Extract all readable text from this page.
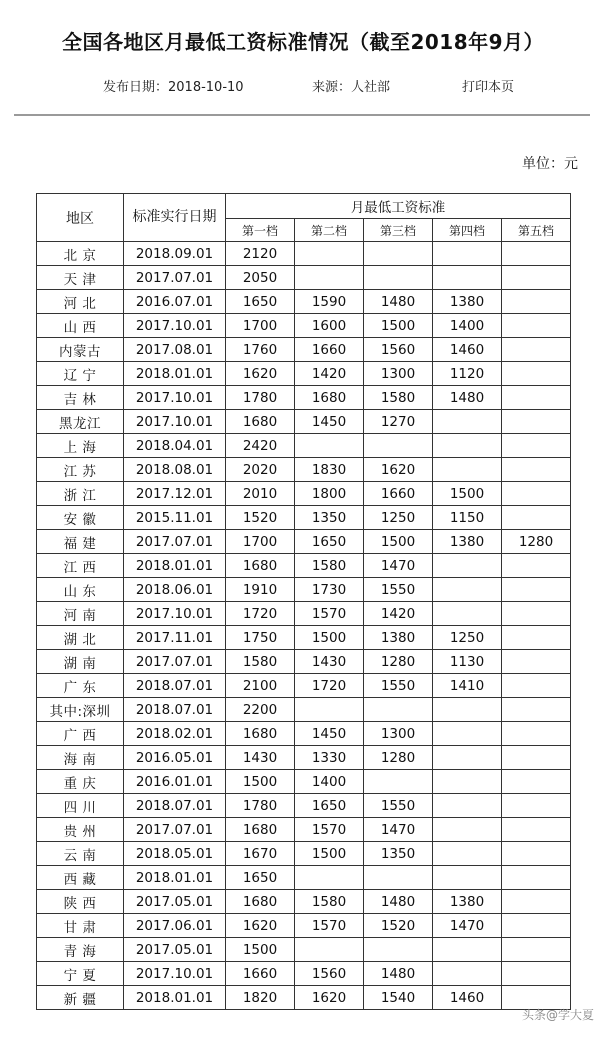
全国各地区月最低工资标准情况（截至2018年9月）
发布日期：2018-10-10	来源：人社部	打印本页
单位：元
地区	标准实行日期	月最低工资标准				
		第一档	第二档	第三档	第四档	第五档
北 京	2018.09.01	2120				
天 津	2017.07.01	2050				
河 北	2016.07.01	1650	1590	1480	1380	
山 西	2017.10.01	1700	1600	1500	1400	
内蒙古	2017.08.01	1760	1660	1560	1460	
辽 宁	2018.01.01	1620	1420	1300	1120	
吉 林	2017.10.01	1780	1680	1580	1480	
黑龙江	2017.10.01	1680	1450	1270		
上 海	2018.04.01	2420				
江 苏	2018.08.01	2020	1830	1620		
浙 江	2017.12.01	2010	1800	1660	1500	
安 徽	2015.11.01	1520	1350	1250	1150	
福 建	2017.07.01	1700	1650	1500	1380	1280
江 西	2018.01.01	1680	1580	1470		
山 东	2018.06.01	1910	1730	1550		
河 南	2017.10.01	1720	1570	1420		
湖 北	2017.11.01	1750	1500	1380	1250	
湖 南	2017.07.01	1580	1430	1280	1130	
广 东	2018.07.01	2100	1720	1550	1410	
其中:深圳	2018.07.01	2200				
广 西	2018.02.01	1680	1450	1300		
海 南	2016.05.01	1430	1330	1280		
重 庆	2016.01.01	1500	1400			
四 川	2018.07.01	1780	1650	1550		
贵 州	2017.07.01	1680	1570	1470		
云 南	2018.05.01	1670	1500	1350		
西 藏	2018.01.01	1650				
陕 西	2017.05.01	1680	1580	1480	1380	
甘 肃	2017.06.01	1620	1570	1520	1470	
青 海	2017.05.01	1500				
宁 夏	2017.10.01	1660	1560	1480		
新 疆	2018.01.01	1820	1620	1540	1460	
头条@学大夏
